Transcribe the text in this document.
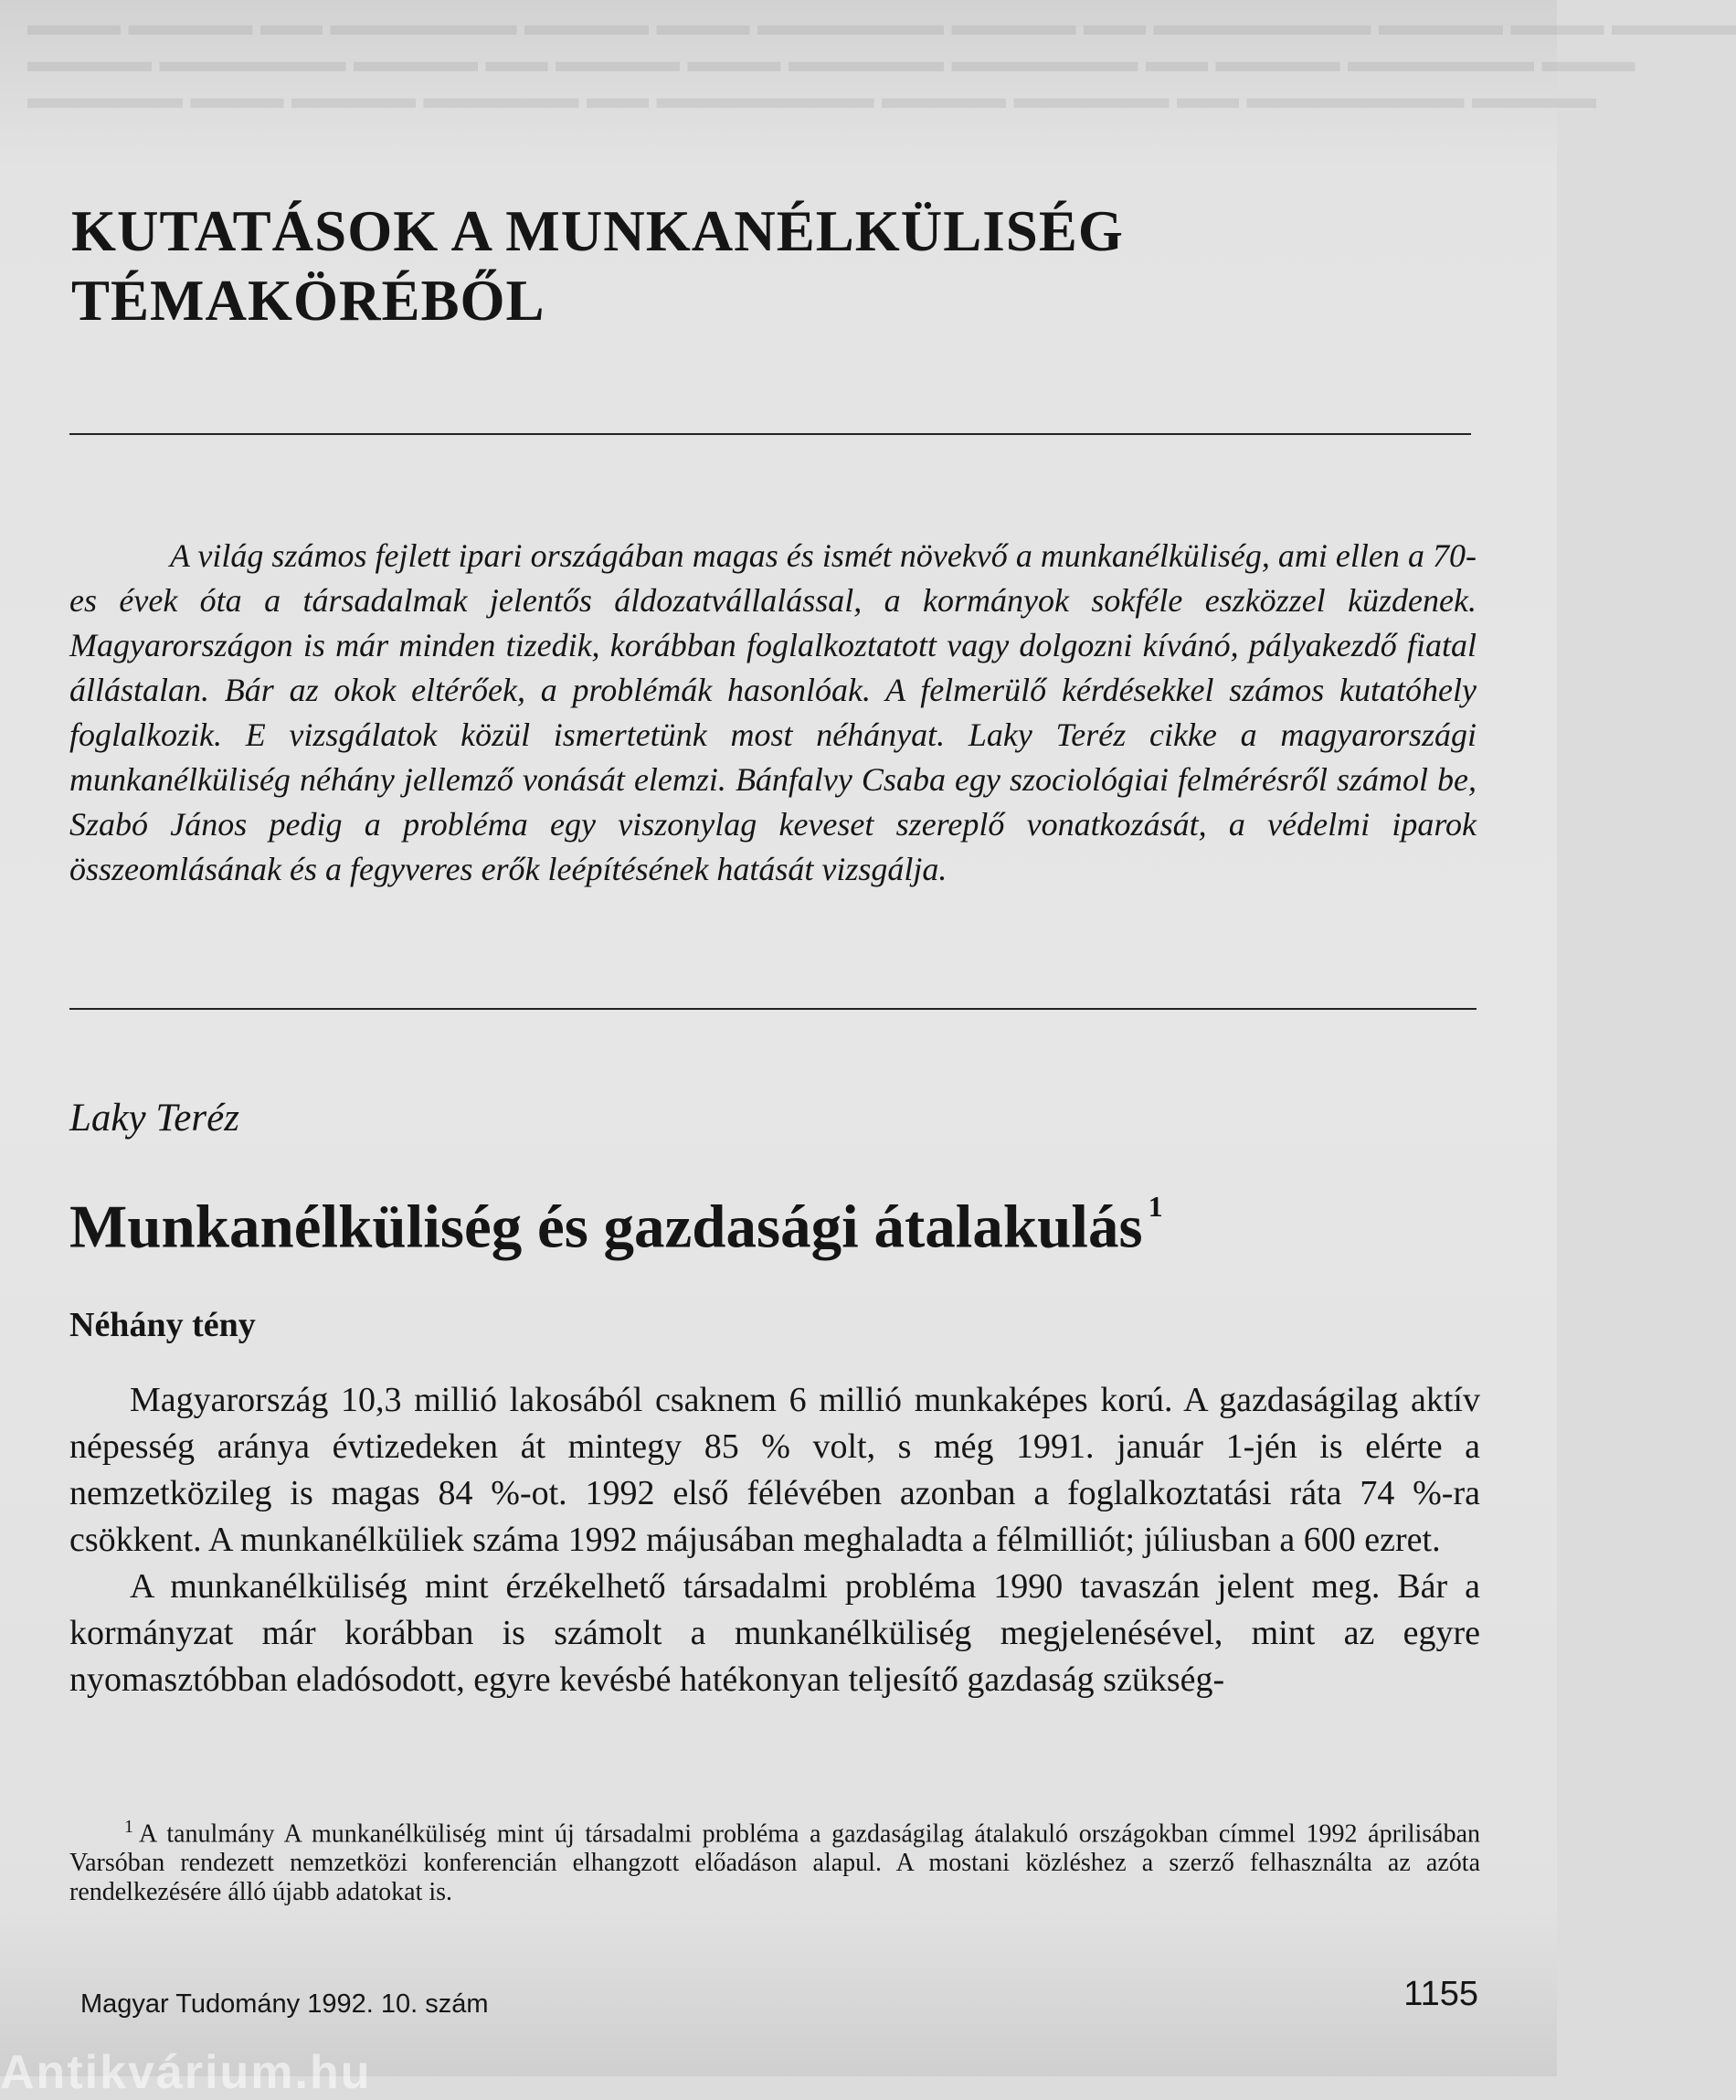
▬▬▬ ▬▬▬▬ ▬▬ ▬▬▬▬▬▬ ▬▬▬▬ ▬▬▬ ▬▬▬▬▬▬ ▬▬▬▬ ▬▬ ▬▬▬▬▬▬▬ ▬▬▬▬ ▬▬▬ ▬▬▬▬
▬▬▬▬ ▬▬▬▬▬▬ ▬▬▬▬ ▬▬ ▬▬▬▬ ▬▬▬ ▬▬▬▬▬ ▬▬▬▬▬▬ ▬▬ ▬▬▬▬ ▬▬▬▬▬▬ ▬▬▬
▬▬▬▬▬ ▬▬▬ ▬▬▬▬ ▬▬▬▬▬ ▬▬ ▬▬▬▬▬▬▬ ▬▬▬▬ ▬▬▬▬▬ ▬▬ ▬▬▬▬▬▬▬ ▬▬▬▬
KUTATÁSOK A MUNKANÉLKÜLISÉG TÉMAKÖRÉBŐL

A világ számos fejlett ipari országában magas és ismét növekvő a munkanélküliség, ami ellen a 70-es évek óta a társadalmak jelentős áldozatvállalással, a kormányok sokféle eszközzel küzdenek. Magyarországon is már minden tizedik, korábban foglalkoztatott vagy dolgozni kívánó, pályakezdő fiatal állástalan. Bár az okok eltérőek, a problémák hasonlóak. A felmerülő kérdésekkel számos kutatóhely foglalkozik. E vizsgálatok közül ismertetünk most néhányat. Laky Teréz cikke a magyarországi munkanélküliség néhány jellemző vonását elemzi. Bánfalvy Csaba egy szociológiai felmérésről számol be, Szabó János pedig a probléma egy viszonylag keveset szereplő vonatkozását, a védelmi iparok összeomlásának és a fegyveres erők leépítésének hatását vizsgálja.

Laky Teréz

Munkanélküliség és gazdasági átalakulás $^1$
Néhány tény

Magyarország 10,3 millió lakosából csaknem 6 millió munkaképes korú. A gazdaságilag aktív népesség aránya évtizedeken át mintegy 85 % volt, s még 1991. január 1-jén is elérte a nemzetközileg is magas 84 %-ot. 1992 első félévében azonban a foglalkoztatási ráta 74 %-ra csökkent. A munkanélküliek száma 1992 májusában meghaladta a félmilliót; júliusban a 600 ezret.

A munkanélküliség mint érzékelhető társadalmi probléma 1990 tavaszán jelent meg. Bár a kormányzat már korábban is számolt a munkanélküliség megjelenésével, mint az egyre nyomasztóbban eladósodott, egyre kevésbé hatékonyan teljesítő gazdaság szükség-

$^1$ A tanulmány A munkanélküliség mint új társadalmi probléma a gazdaságilag átalakuló országokban címmel 1992 áprilisában Varsóban rendezett nemzetközi konferencián elhangzott előadáson alapul. A mostani közléshez a szerző felhasználta az azóta rendelkezésére álló újabb adatokat is.

Magyar Tudomány 1992. 10. szám	1155

Antikvárium.hu
